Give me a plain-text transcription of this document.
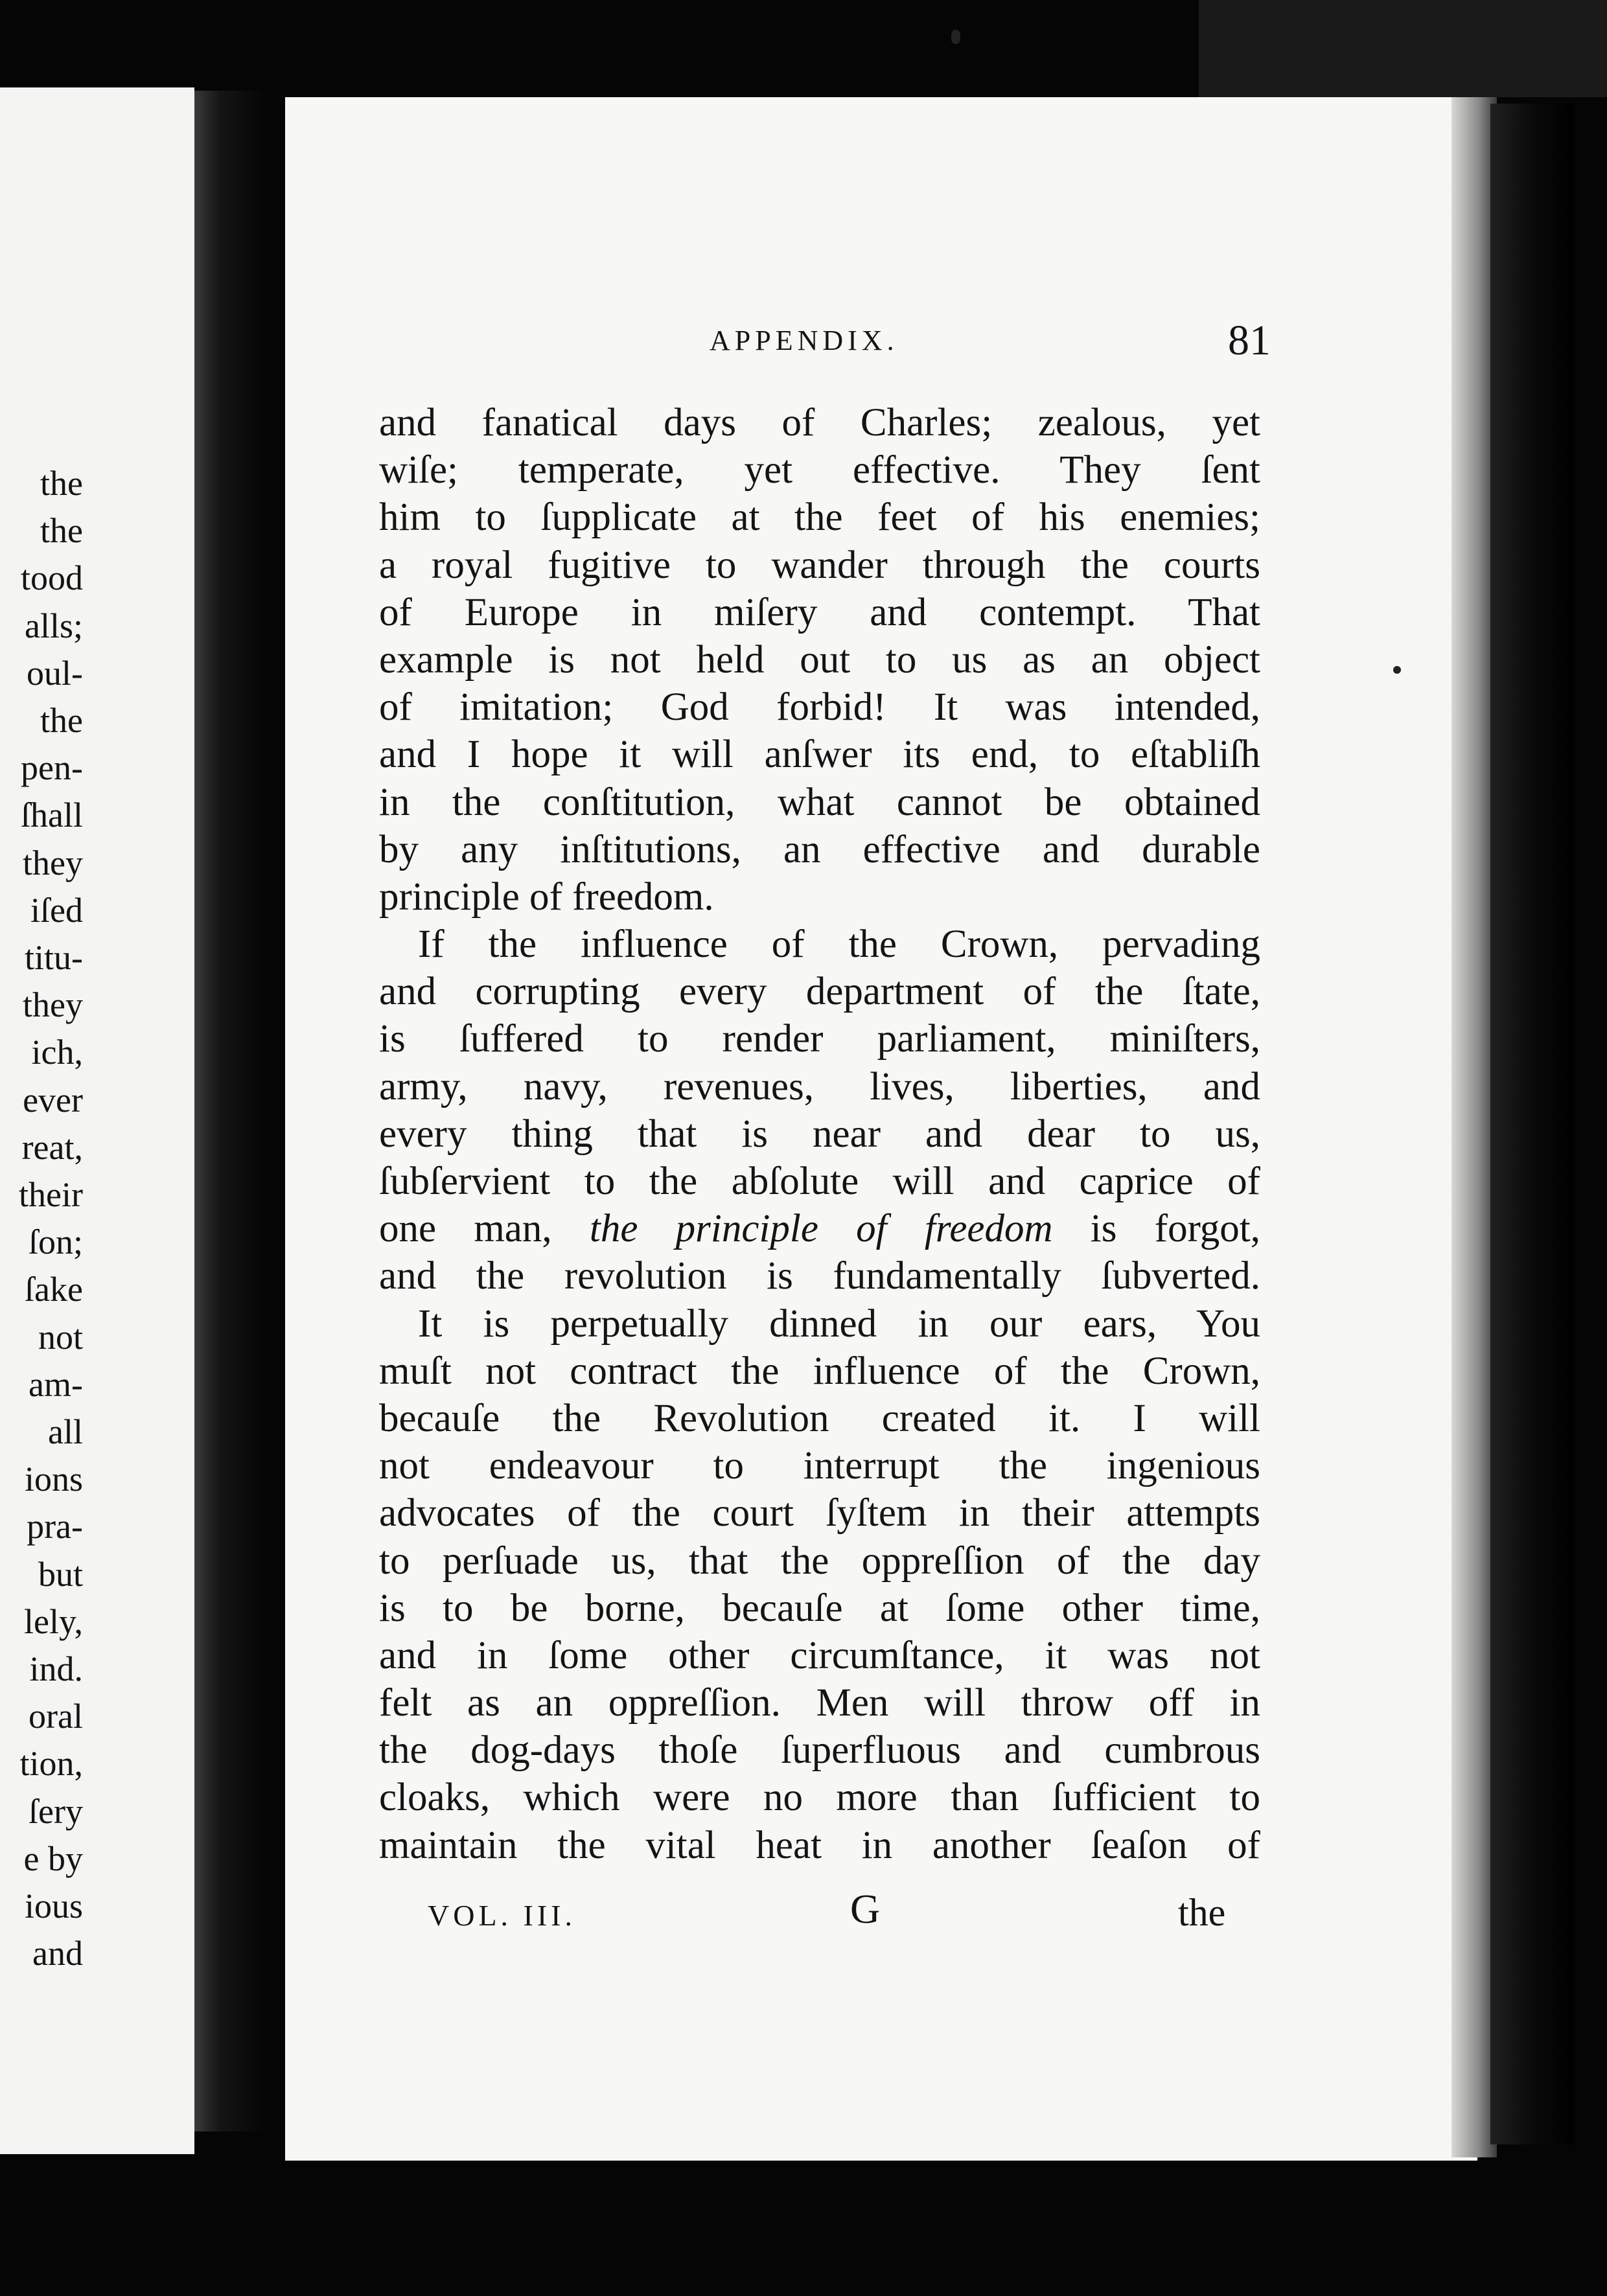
the
the
tood
alls;
oul-
the
pen-
ſhall
they
iſed
titu-
they
ich,
ever
reat,
their
ſon;
ſake
not
am-
all
ions
pra-
but
lely,
ind.
oral
tion,
ſery
e by
ious
and
APPENDIX.	81
and fanatical days of Charles; zealous, yet
wiſe; temperate, yet effective. They ſent
him to ſupplicate at the feet of his enemies;
a royal fugitive to wander through the courts
of Europe in miſery and contempt. That
example is not held out to us as an object
of imitation; God forbid! It was intended,
and I hope it will anſwer its end, to eſtabliſh
in the conſtitution, what cannot be obtained
by any inſtitutions, an effective and durable
principle of freedom.
If the influence of the Crown, pervading
and corrupting every department of the ſtate,
is ſuffered to render parliament, miniſters,
army, navy, revenues, lives, liberties, and
every thing that is near and dear to us,
ſubſervient to the abſolute will and caprice of
one man, the principle of freedom is forgot,
and the revolution is fundamentally ſubverted.
It is perpetually dinned in our ears, You
muſt not contract the influence of the Crown,
becauſe the Revolution created it. I will
not endeavour to interrupt the ingenious
advocates of the court ſyſtem in their attempts
to perſuade us, that the oppreſſion of the day
is to be borne, becauſe at ſome other time,
and in ſome other circumſtance, it was not
felt as an oppreſſion. Men will throw off in
the dog-days thoſe ſuperfluous and cumbrous
cloaks, which were no more than ſufficient to
maintain the vital heat in another ſeaſon of
VOL. III.	G	the
